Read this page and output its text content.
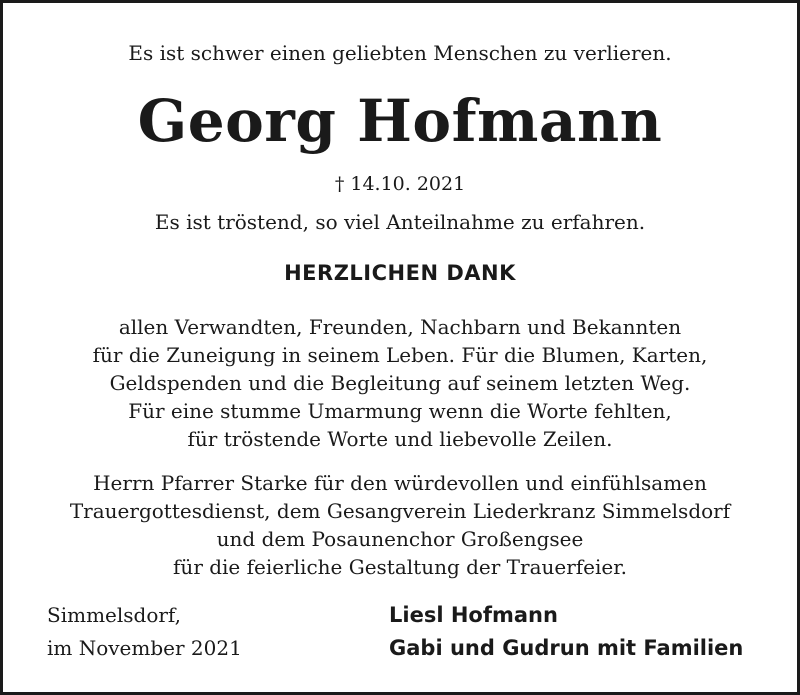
Es ist schwer einen geliebten Menschen zu verlieren.
Georg Hofmann
† 14.10. 2021
Es ist tröstend, so viel Anteilnahme zu erfahren.
HERZLICHEN DANK
allen Verwandten, Freunden, Nachbarn und Bekannten
für die Zuneigung in seinem Leben. Für die Blumen, Karten,
Geldspenden und die Begleitung auf seinem letzten Weg.
Für eine stumme Umarmung wenn die Worte fehlten,
für tröstende Worte und liebevolle Zeilen.
Herrn Pfarrer Starke für den würdevollen und einfühlsamen
Trauergottesdienst, dem Gesangverein Liederkranz Simmelsdorf
und dem Posaunenchor Großengsee
für die feierliche Gestaltung der Trauerfeier.
Simmelsdorf,
im November 2021
Liesl Hofmann
Gabi und Gudrun mit Familien
